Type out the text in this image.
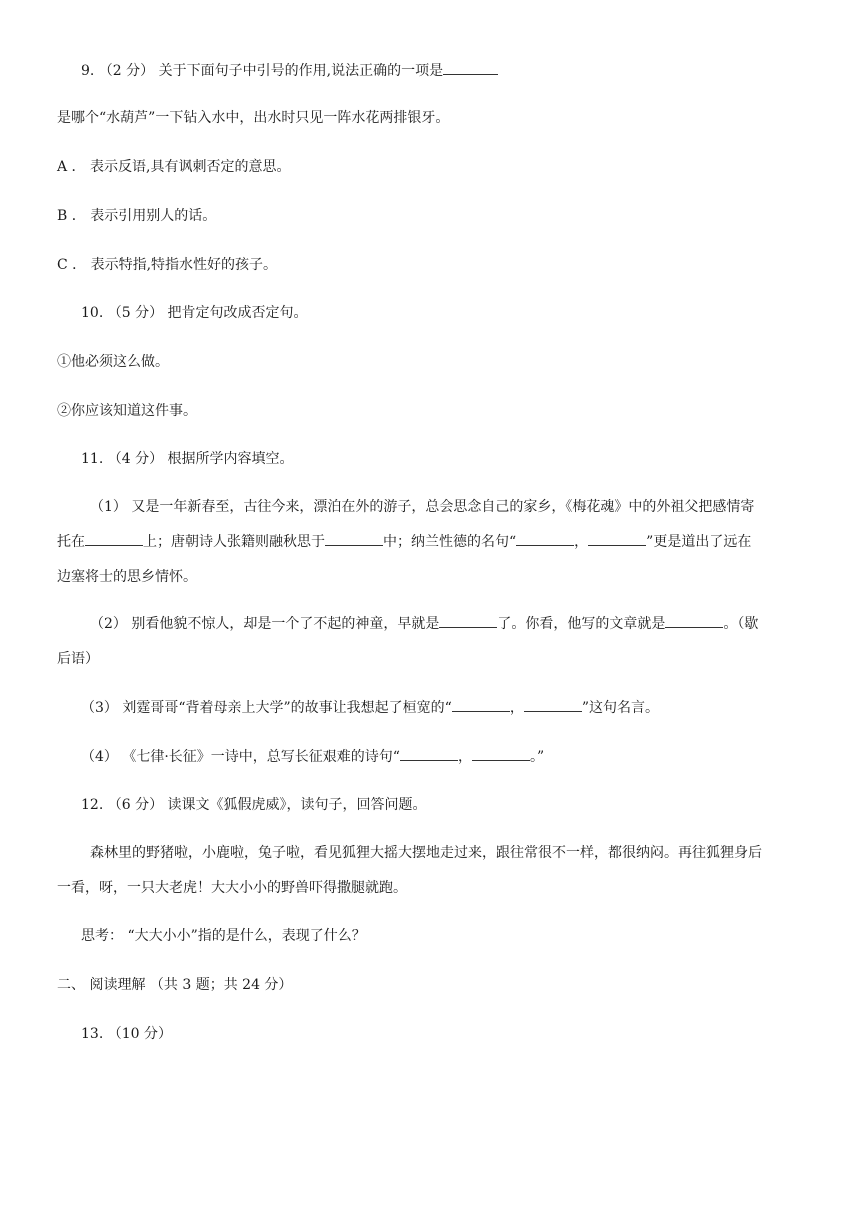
9. （2 分） 关于下面句子中引号的作用,说法正确的一项是
是哪个“水葫芦”一下钻入水中，出水时只见一阵水花两排银牙。
A ． 表示反语,具有讽刺否定的意思。
B ． 表示引用别人的话。
C ． 表示特指,特指水性好的孩子。
10. （5 分） 把肯定句改成否定句。
①他必须这么做。
②你应该知道这件事。
11. （4 分） 根据所学内容填空。
（1） 又是一年新春至，古往今来，漂泊在外的游子，总会思念自己的家乡，《梅花魂》中的外祖父把感情寄
托在	上；唐朝诗人张籍则融秋思于	中；纳兰性德的名句“	，	”更是道出了远在
边塞将士的思乡情怀。
（2） 别看他貌不惊人，却是一个了不起的神童，早就是	了。你看，他写的文章就是	。（歇
后语）
（3） 刘霆哥哥“背着母亲上大学”的故事让我想起了桓宽的“	，	”这句名言。
（4） 《七律·长征》一诗中，总写长征艰难的诗句“	，	。”
12. （6 分） 读课文《狐假虎威》，读句子，回答问题。
森林里的野猪啦，小鹿啦，兔子啦，看见狐狸大摇大摆地走过来，跟往常很不一样，都很纳闷。再往狐狸身后
一看，呀，一只大老虎！大大小小的野兽吓得撒腿就跑。
思考： “大大小小”指的是什么，表现了什么？
二、 阅读理解 （共 3 题；共 24 分）
13. （10 分）
